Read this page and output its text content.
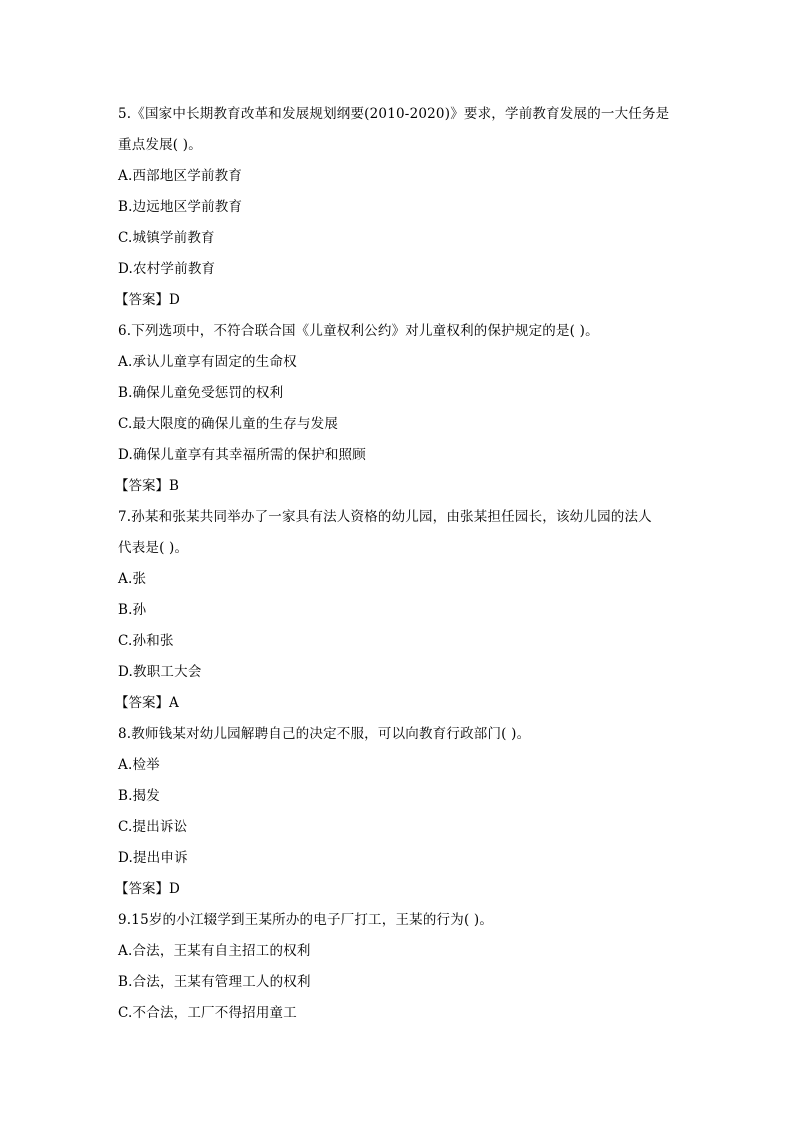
5.《国家中长期教育改革和发展规划纲要(2010-2020)》要求，学前教育发展的一大任务是
重点发展( )。
A.西部地区学前教育
B.边远地区学前教育
C.城镇学前教育
D.农村学前教育
【答案】D
6.下列选项中，不符合联合国《儿童权利公约》对儿童权利的保护规定的是( )。
A.承认儿童享有固定的生命权
B.确保儿童免受惩罚的权利
C.最大限度的确保儿童的生存与发展
D.确保儿童享有其幸福所需的保护和照顾
【答案】B
7.孙某和张某共同举办了一家具有法人资格的幼儿园，由张某担任园长，该幼儿园的法人
代表是( )。
A.张
B.孙
C.孙和张
D.教职工大会
【答案】A
8.教师钱某对幼儿园解聘自己的决定不服，可以向教育行政部门( )。
A.检举
B.揭发
C.提出诉讼
D.提出申诉
【答案】D
9.15岁的小江辍学到王某所办的电子厂打工，王某的行为( )。
A.合法，王某有自主招工的权利
B.合法，王某有管理工人的权利
C.不合法，工厂不得招用童工
